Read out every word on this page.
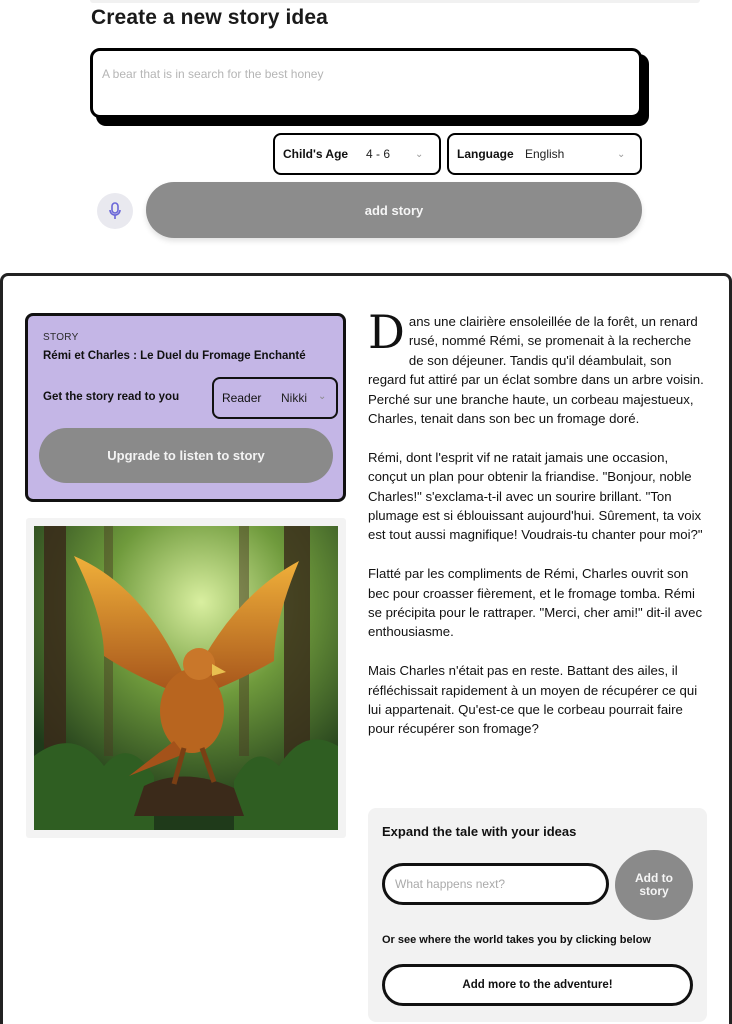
Create a new story idea
A bear that is in search for the best honey
Child's Age 4 - 6 ⌄	Language English	⌄
add story
STORY
Rémi et Charles : Le Duel du Fromage Enchanté
Get the story read to you	Reader Nikki ⌄
Upgrade to listen to story

Dans une clairière ensoleillée de la forêt, un renard rusé, nommé Rémi, se promenait à la recherche de son déjeuner. Tandis qu'il déambulait, son regard fut attiré par un éclat sombre dans un arbre voisin. Perché sur une branche haute, un corbeau majestueux, Charles, tenait dans son bec un fromage doré.

Rémi, dont l'esprit vif ne ratait jamais une occasion, conçut un plan pour obtenir la friandise. "Bonjour, noble Charles!" s'exclama-t-il avec un sourire brillant. "Ton plumage est si éblouissant aujourd'hui. Sûrement, ta voix est tout aussi magnifique! Voudrais-tu chanter pour moi?"

Flatté par les compliments de Rémi, Charles ouvrit son bec pour croasser fièrement, et le fromage tomba. Rémi se précipita pour le rattraper. "Merci, cher ami!" dit-il avec enthousiasme.

Mais Charles n'était pas en reste. Battant des ailes, il réfléchissait rapidement à un moyen de récupérer ce qui lui appartenait. Qu'est-ce que le corbeau pourrait faire pour récupérer son fromage?

Expand the tale with your ideas
What happens next?
Add to story
Or see where the world takes you by clicking below
Add more to the adventure!
